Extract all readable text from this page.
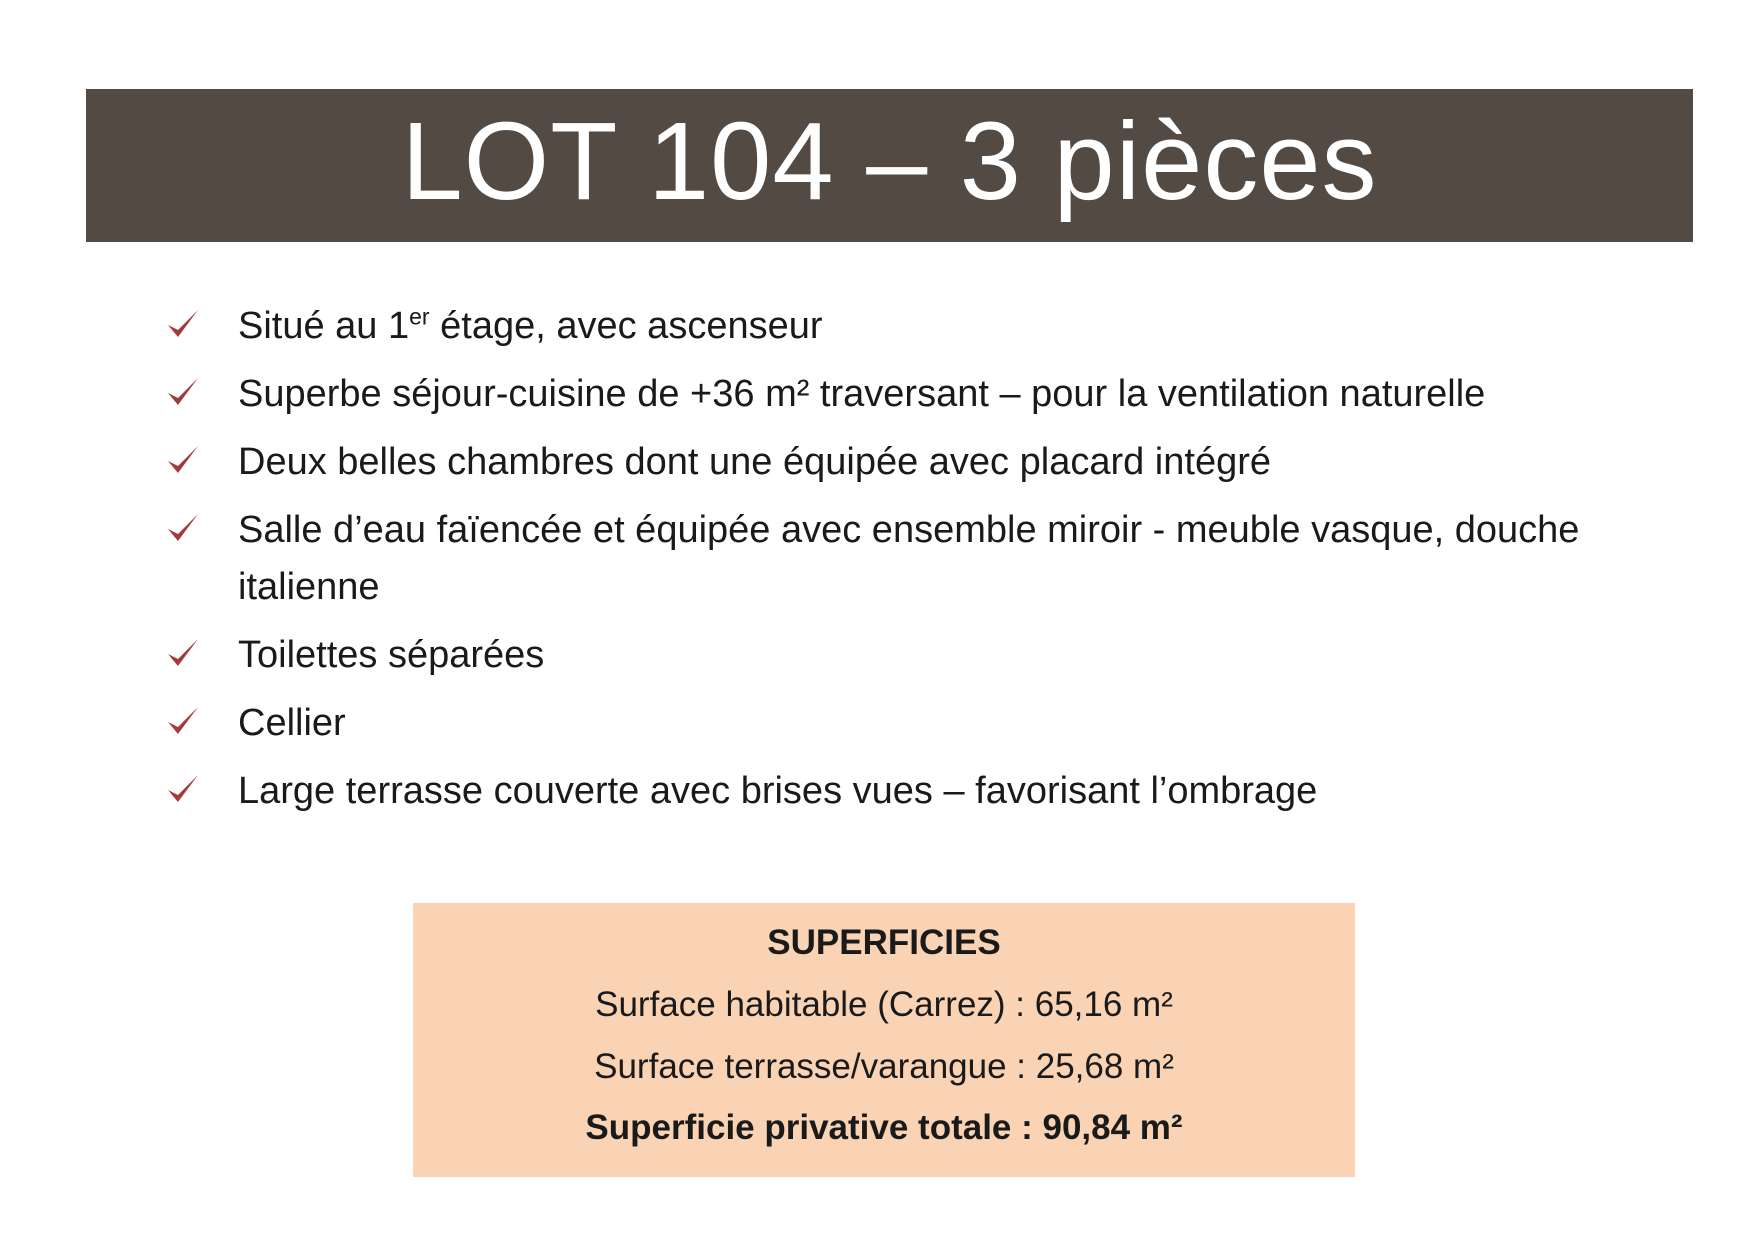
LOT 104 – 3 pièces
Situé au 1er étage, avec ascenseur
Superbe séjour-cuisine de +36 m² traversant – pour la ventilation naturelle
Deux belles chambres dont une équipée avec placard intégré
Salle d’eau faïencée et équipée avec ensemble miroir - meuble vasque, douche italienne
Toilettes séparées
Cellier
Large terrasse couverte avec brises vues – favorisant l’ombrage
SUPERFICIES
Surface habitable (Carrez) : 65,16 m²
Surface terrasse/varangue : 25,68 m²
Superficie privative totale : 90,84 m²
